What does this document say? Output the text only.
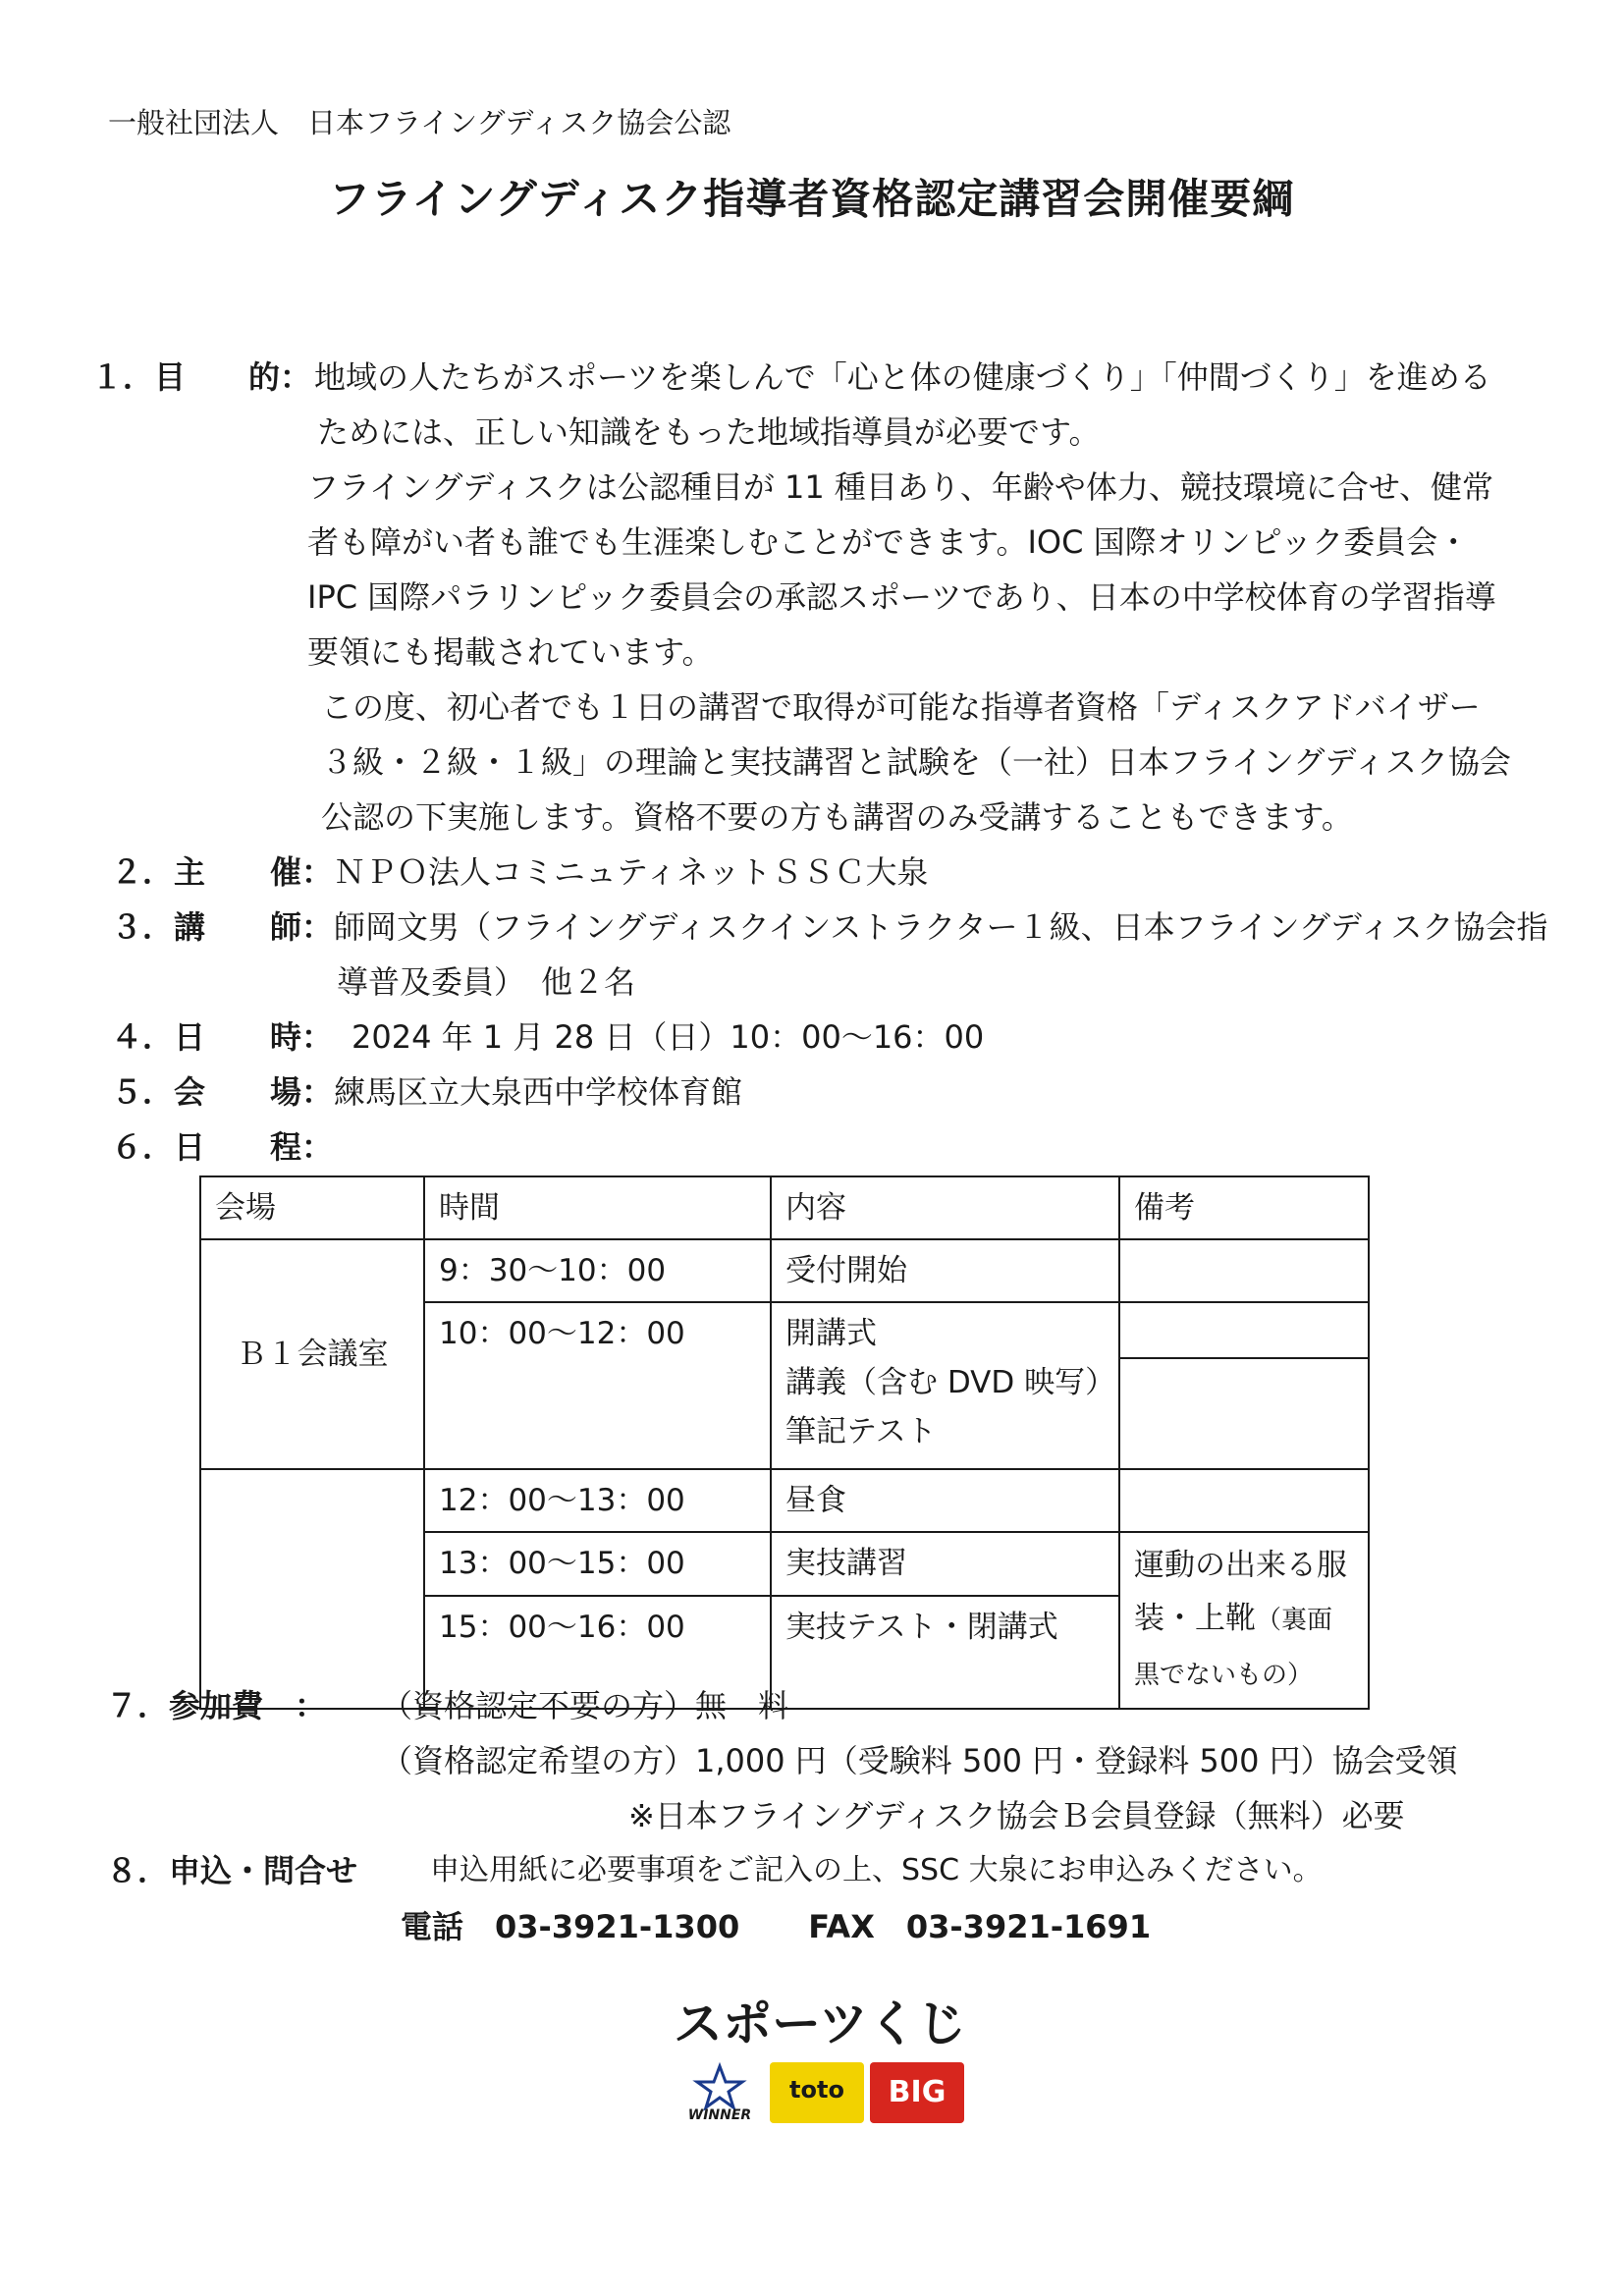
一般社団法人　日本フライングディスク協会公認
フライングディスク指導者資格認定講習会開催要綱
１．目 的： 地域の人たちがスポーツを楽しんで「心と体の健康づくり」「仲間づくり」を進める
ためには、正しい知識をもった地域指導員が必要です。
フライングディスクは公認種目が 11 種目あり、年齢や体力、競技環境に合せ、健常
者も障がい者も誰でも生涯楽しむことができます。IOC 国際オリンピック委員会・
IPC 国際パラリンピック委員会の承認スポーツであり、日本の中学校体育の学習指導
要領にも掲載されています。
この度、初心者でも１日の講習で取得が可能な指導者資格「ディスクアドバイザー
３級・２級・１級」の理論と実技講習と試験を（一社）日本フライングディスク協会
公認の下実施します。資格不要の方も講習のみ受講することもできます。
２．主 催： ＮＰＯ法人コミニュティネットＳＳＣ大泉
３．講 師： 師岡文男（フライングディスクインストラクター１級、日本フライングディスク協会指
導普及委員）　他２名
４．日 時： 2024 年 1 月 28 日（日）10：00～16：00
５．会 場： 練馬区立大泉西中学校体育館
６．日 程：
会場	時間	内容	備考
Ｂ１会議室	9：30～10：00	受付開始	
	10：00～12：00	開講式
講義（含む DVD 映写）
筆記テスト	

	12：00～13：00	昼食	
	13：00～15：00	実技講習	運動の出来る服装・上靴（裏面黒でないもの）
	15：00～16：00	実技テスト・閉講式	
７．参加費　： （資格認定不要の方）無　料
（資格認定希望の方）1,000 円（受験料 500 円・登録料 500 円）協会受領
※日本フライングディスク協会Ｂ会員登録（無料）必要
８．申込・問合せ 申込用紙に必要事項をご記入の上、SSC 大泉にお申込みください。
電話　03-3921-1300 FAX　03-3921-1691
スポーツくじ
WINNER
toto BIG
